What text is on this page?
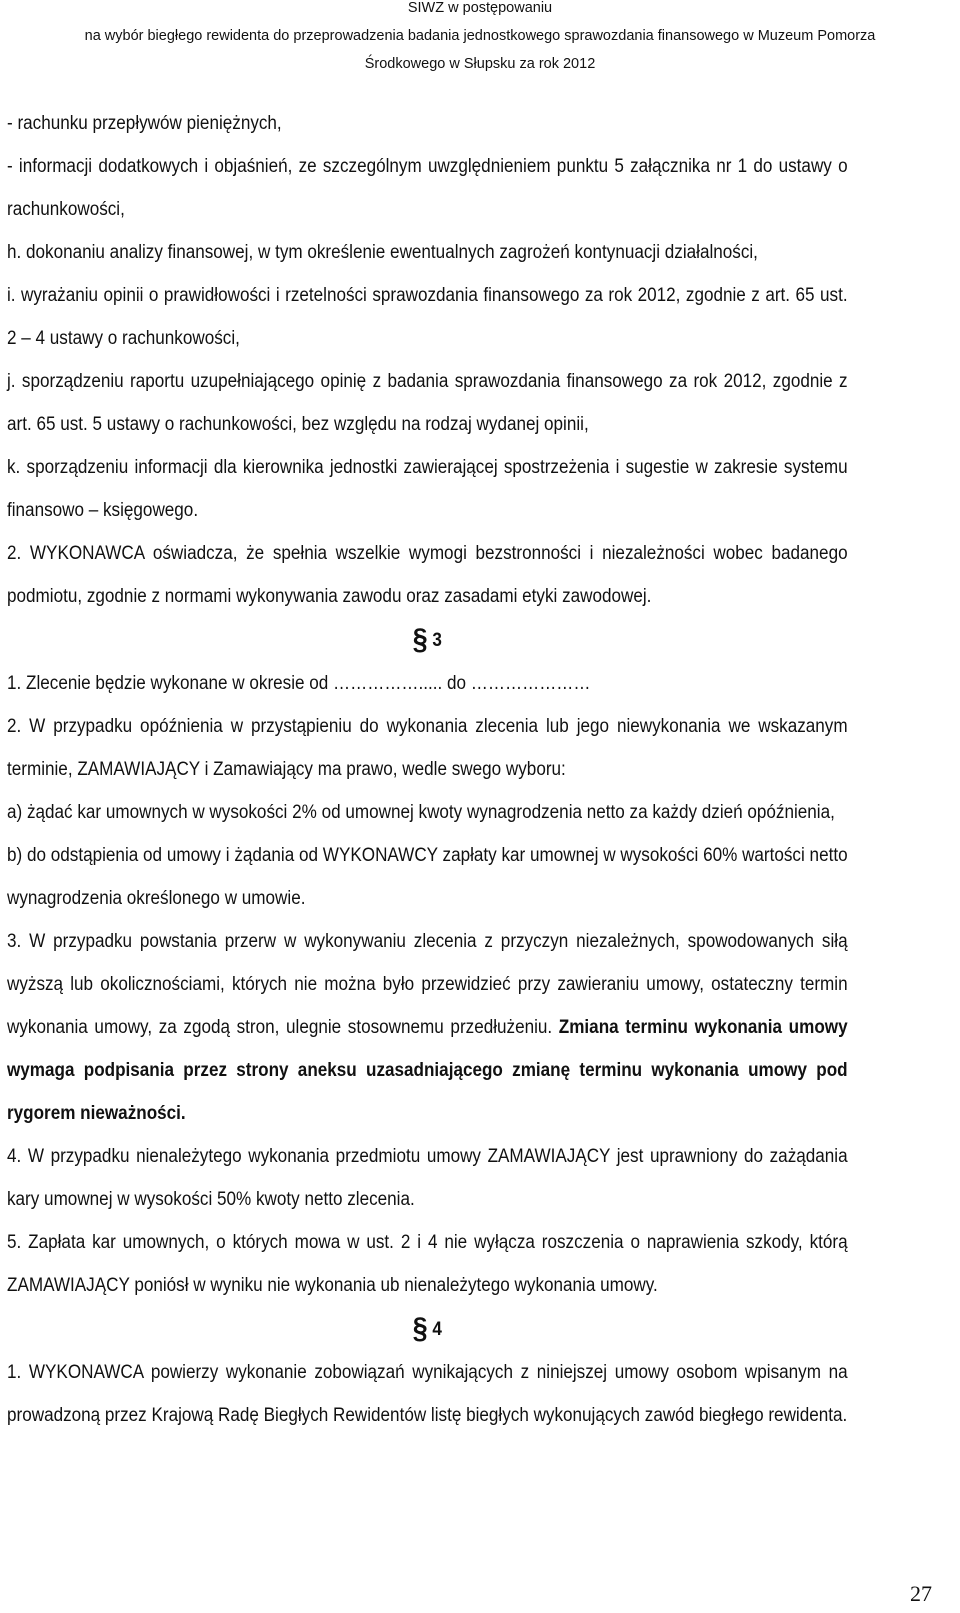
SIWZ w postępowaniu
na wybór biegłego rewidenta do przeprowadzenia badania jednostkowego sprawozdania finansowego w Muzeum Pomorza
Środkowego w Słupsku za rok 2012

- rachunku przepływów pieniężnych,

- informacji dodatkowych i objaśnień, ze szczególnym uwzględnieniem punktu 5 załącznika nr 1 do ustawy o rachunkowości,

h. dokonaniu analizy finansowej, w tym określenie ewentualnych zagrożeń kontynuacji działalności,

i. wyrażaniu opinii o prawidłowości i rzetelności sprawozdania finansowego za rok 2012, zgodnie z art. 65 ust. 2 – 4 ustawy o rachunkowości,

j. sporządzeniu raportu uzupełniającego opinię z badania sprawozdania finansowego za rok 2012, zgodnie z art. 65 ust. 5 ustawy o rachunkowości, bez względu na rodzaj wydanej opinii,

k. sporządzeniu informacji dla kierownika jednostki zawierającej spostrzeżenia i sugestie w zakresie systemu finansowo – księgowego.

2. WYKONAWCA oświadcza, że spełnia wszelkie wymogi bezstronności i niezależności wobec badanego podmiotu, zgodnie z normami wykonywania zawodu oraz zasadami etyki zawodowej.

§ 3

1. Zlecenie będzie wykonane w okresie od ……………..... do …………………

2. W przypadku opóźnienia w przystąpieniu do wykonania zlecenia lub jego niewykonania we wskazanym terminie, ZAMAWIAJĄCY i Zamawiający ma prawo, wedle swego wyboru:

a) żądać kar umownych w wysokości 2% od umownej kwoty wynagrodzenia netto za każdy dzień opóźnienia,

b) do odstąpienia od umowy i żądania od WYKONAWCY zapłaty kar umownej w wysokości 60% wartości netto wynagrodzenia określonego w umowie.

3. W przypadku powstania przerw w wykonywaniu zlecenia z przyczyn niezależnych, spowodowanych siłą wyższą lub okolicznościami, których nie można było przewidzieć przy zawieraniu umowy, ostateczny termin wykonania umowy, za zgodą stron, ulegnie stosownemu przedłużeniu. Zmiana terminu wykonania umowy wymaga podpisania przez strony aneksu uzasadniającego zmianę terminu wykonania umowy pod rygorem nieważności.

4. W przypadku nienależytego wykonania przedmiotu umowy ZAMAWIAJĄCY jest uprawniony do zażądania kary umownej w wysokości 50% kwoty netto zlecenia.

5. Zapłata kar umownych, o których mowa w ust. 2 i 4 nie wyłącza roszczenia o naprawienia szkody, którą ZAMAWIAJĄCY poniósł w wyniku nie wykonania ub nienależytego wykonania umowy.

§ 4

1. WYKONAWCA powierzy wykonanie zobowiązań wynikających z niniejszej umowy osobom wpisanym na prowadzoną przez Krajową Radę Biegłych Rewidentów listę biegłych wykonujących zawód biegłego rewidenta.

27
